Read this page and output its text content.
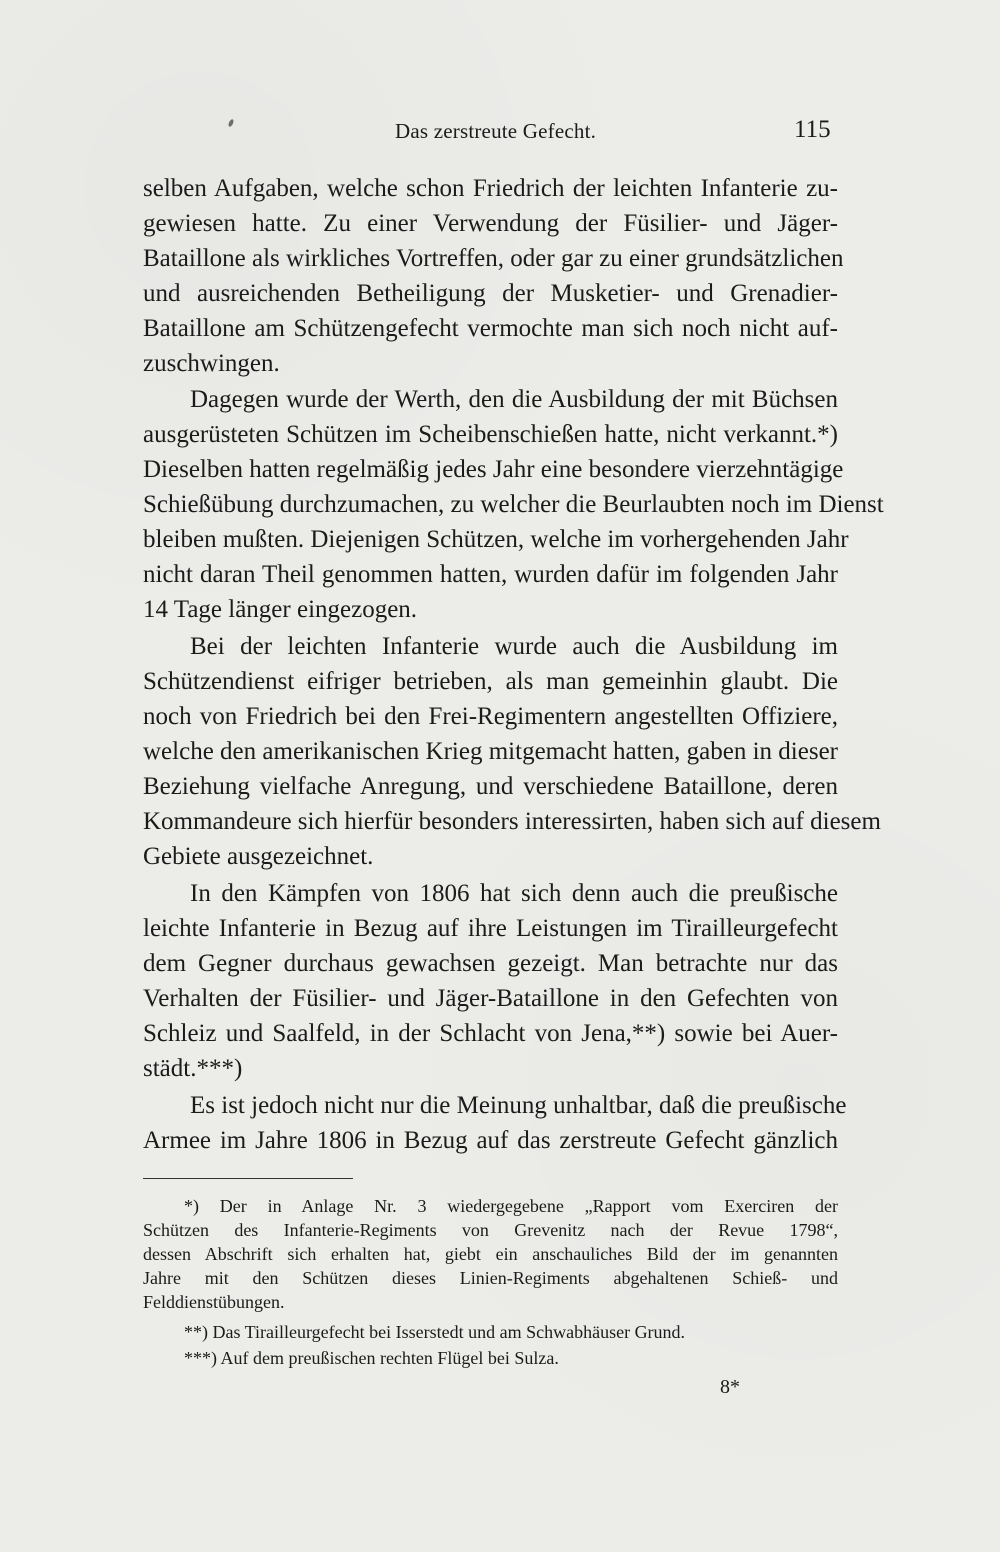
Das zerstreute Gefecht.	115
selben Aufgaben, welche schon Friedrich der leichten Infanterie zu-
gewiesen hatte. Zu einer Verwendung der Füsilier- und Jäger-
Bataillone als wirkliches Vortreffen, oder gar zu einer grundsätzlichen
und ausreichenden Betheiligung der Musketier- und Grenadier-
Bataillone am Schützengefecht vermochte man sich noch nicht auf-
zuschwingen.
Dagegen wurde der Werth, den die Ausbildung der mit Büchsen
ausgerüsteten Schützen im Scheibenschießen hatte, nicht verkannt.*)
Dieselben hatten regelmäßig jedes Jahr eine besondere vierzehntägige
Schießübung durchzumachen, zu welcher die Beurlaubten noch im Dienst
bleiben mußten. Diejenigen Schützen, welche im vorhergehenden Jahr
nicht daran Theil genommen hatten, wurden dafür im folgenden Jahr
14 Tage länger eingezogen.
Bei der leichten Infanterie wurde auch die Ausbildung im
Schützendienst eifriger betrieben, als man gemeinhin glaubt. Die
noch von Friedrich bei den Frei-Regimentern angestellten Offiziere,
welche den amerikanischen Krieg mitgemacht hatten, gaben in dieser
Beziehung vielfache Anregung, und verschiedene Bataillone, deren
Kommandeure sich hierfür besonders interessirten, haben sich auf diesem
Gebiete ausgezeichnet.
In den Kämpfen von 1806 hat sich denn auch die preußische
leichte Infanterie in Bezug auf ihre Leistungen im Tirailleurgefecht
dem Gegner durchaus gewachsen gezeigt. Man betrachte nur das
Verhalten der Füsilier- und Jäger-Bataillone in den Gefechten von
Schleiz und Saalfeld, in der Schlacht von Jena,**) sowie bei Auer-
städt.***)
Es ist jedoch nicht nur die Meinung unhaltbar, daß die preußische
Armee im Jahre 1806 in Bezug auf das zerstreute Gefecht gänzlich
*) Der in Anlage Nr. 3 wiedergegebene „Rapport vom Exerciren der
Schützen des Infanterie-Regiments von Grevenitz nach der Revue 1798“,
dessen Abschrift sich erhalten hat, giebt ein anschauliches Bild der im genannten
Jahre mit den Schützen dieses Linien-Regiments abgehaltenen Schieß- und
Felddienstübungen.
**) Das Tirailleurgefecht bei Isserstedt und am Schwabhäuser Grund.
***) Auf dem preußischen rechten Flügel bei Sulza.
8*
